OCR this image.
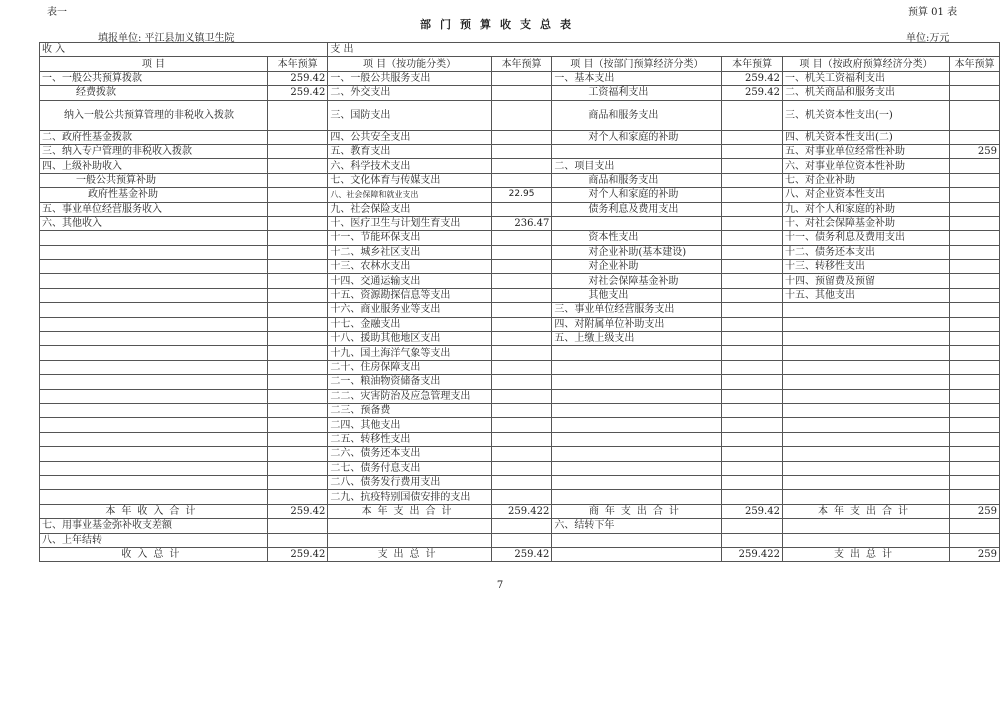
表一	预算 01 表
部门预算收支总表
填报单位: 平江县加义镇卫生院	单位:万元
收 入		支 出					
项 目	本年预算	项 目（按功能分类）	本年预算	项 目（按部门预算经济分类）	本年预算	项 目（按政府预算经济分类）	本年预算
一、一般公共预算拨款	259.42	一、一般公共服务支出		一、基本支出	259.42	一、机关工资福利支出	
经费拨款	259.42	二、外交支出		工资福利支出	259.42	二、机关商品和服务支出	
纳入一般公共预算管理的非税收入拨款		三、国防支出		商品和服务支出		三、机关资本性支出(一)	
二、政府性基金拨款		四、公共安全支出		对个人和家庭的补助		四、机关资本性支出(二)	
三、纳入专户管理的非税收入拨款		五、教育支出				五、对事业单位经常性补助	259
四、上级补助收入		六、科学技术支出		二、项目支出		六、对事业单位资本性补助	
一般公共预算补助		七、文化体育与传媒支出		商品和服务支出		七、对企业补助	
政府性基金补助		八、社会保障和就业支出	22.95	对个人和家庭的补助		八、对企业资本性支出	
五、事业单位经营服务收入		九、社会保险支出		债务利息及费用支出		九、对个人和家庭的补助	
六、其他收入		十、医疗卫生与计划生育支出	236.47			十、对社会保障基金补助	
		十一、节能环保支出		资本性支出		十一、债务利息及费用支出	
		十二、城乡社区支出		对企业补助(基本建设)		十二、债务还本支出	
		十三、农林水支出		对企业补助		十三、转移性支出	
		十四、交通运输支出		对社会保障基金补助		十四、预留费及预留	
		十五、资源勘探信息等支出		其他支出		十五、其他支出	
		十六、商业服务业等支出		三、事业单位经营服务支出			
		十七、金融支出		四、对附属单位补助支出			
		十八、援助其他地区支出		五、上缴上级支出			
		十九、国土海洋气象等支出					
		二十、住房保障支出					
		二一、粮油物资储备支出					
		二二、灾害防治及应急管理支出					
		二三、预备费					
		二四、其他支出					
		二五、转移性支出					
		二六、债务还本支出					
		二七、债务付息支出					
		二八、债务发行费用支出					
		二九、抗疫特别国债安排的支出					
本年收入合计	259.42	本年支出合计	259.422	商年支出合计	259.42	本年支出合计	259
七、用事业基金弥补收支差额				六、结转下年			
八、上年结转							
收入总计	259.42	支出总计	259.42		259.422	支出总计	259
7
